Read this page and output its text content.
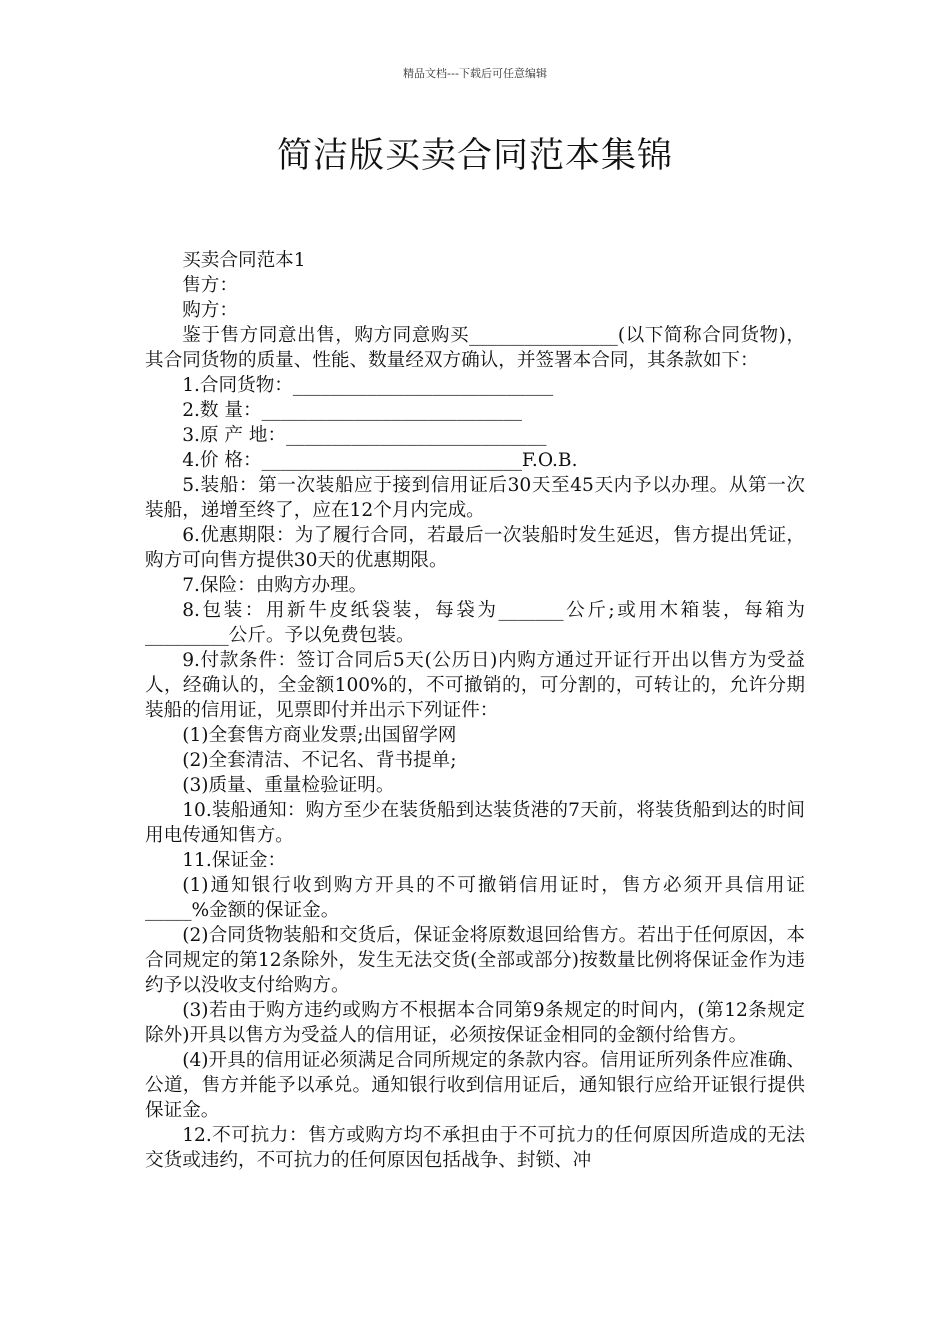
精品文档---下载后可任意编辑
简洁版买卖合同范本集锦

买卖合同范本1

售方：

购方：

鉴于售方同意出售，购方同意购买________________(以下简称合同货物)，其合同货物的质量、性能、数量经双方确认，并签署本合同，其条款如下：

1.合同货物：____________________________

2.数 量：____________________________

3.原 产 地：____________________________

4.价 格：____________________________F.O.B.

5.装船：第一次装船应于接到信用证后30天至45天内予以办理。从第一次装船，递增至终了，应在12个月内完成。

6.优惠期限：为了履行合同，若最后一次装船时发生延迟，售方提出凭证，购方可向售方提供30天的优惠期限。

7.保险：由购方办理。

8.包装：用新牛皮纸袋装，每袋为_______公斤;或用木箱装，每箱为_________公斤。予以免费包装。

9.付款条件：签订合同后5天(公历日)内购方通过开证行开出以售方为受益人，经确认的，全金额100%的，不可撤销的，可分割的，可转让的，允许分期装船的信用证，见票即付并出示下列证件：

(1)全套售方商业发票;出国留学网

(2)全套清洁、不记名、背书提单;

(3)质量、重量检验证明。

10.装船通知：购方至少在装货船到达装货港的7天前，将装货船到达的时间用电传通知售方。

11.保证金：

(1)通知银行收到购方开具的不可撤销信用证时，售方必须开具信用证_____%金额的保证金。

(2)合同货物装船和交货后，保证金将原数退回给售方。若出于任何原因，本合同规定的第12条除外，发生无法交货(全部或部分)按数量比例将保证金作为违约予以没收支付给购方。

(3)若由于购方违约或购方不根据本合同第9条规定的时间内，(第12条规定除外)开具以售方为受益人的信用证，必须按保证金相同的金额付给售方。

(4)开具的信用证必须满足合同所规定的条款内容。信用证所列条件应准确、公道，售方并能予以承兑。通知银行收到信用证后，通知银行应给开证银行提供保证金。

12.不可抗力：售方或购方均不承担由于不可抗力的任何原因所造成的无法交货或违约，不可抗力的任何原因包括战争、封锁、冲
